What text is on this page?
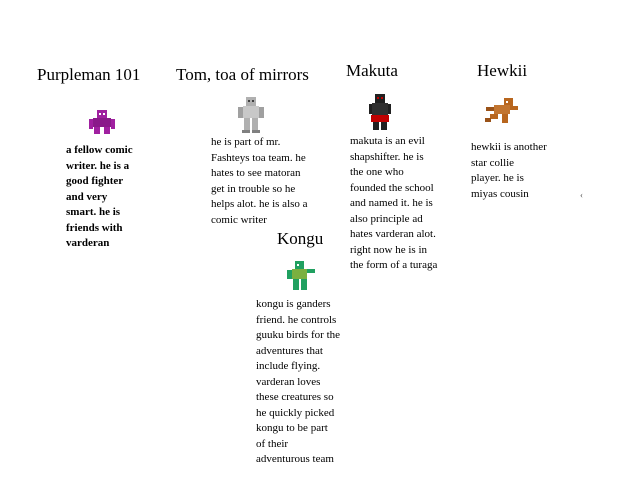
Purpleman 101
a fellow comic
writer. he is a
good fighter
and very
smart. he is
friends with
varderan
Tom, toa of mirrors
he is part of mr.
Fashteys toa team. he
hates to see matoran
get in trouble so he
helps alot. he is also a
comic writer
Makuta
makuta is an evil
shapshifter. he is
the one who
founded the school
and named it. he is
also principle ad
hates varderan alot.
right now he is in
the form of a turaga
Hewkii
hewkii is another
star collie
player. he is
miyas cousin
Kongu
kongu is ganders
friend. he controls
guuku birds for the
adventures that
include flying.
varderan loves
these creatures so
he quickly picked
kongu to be part
of their
adventurous team
‹
